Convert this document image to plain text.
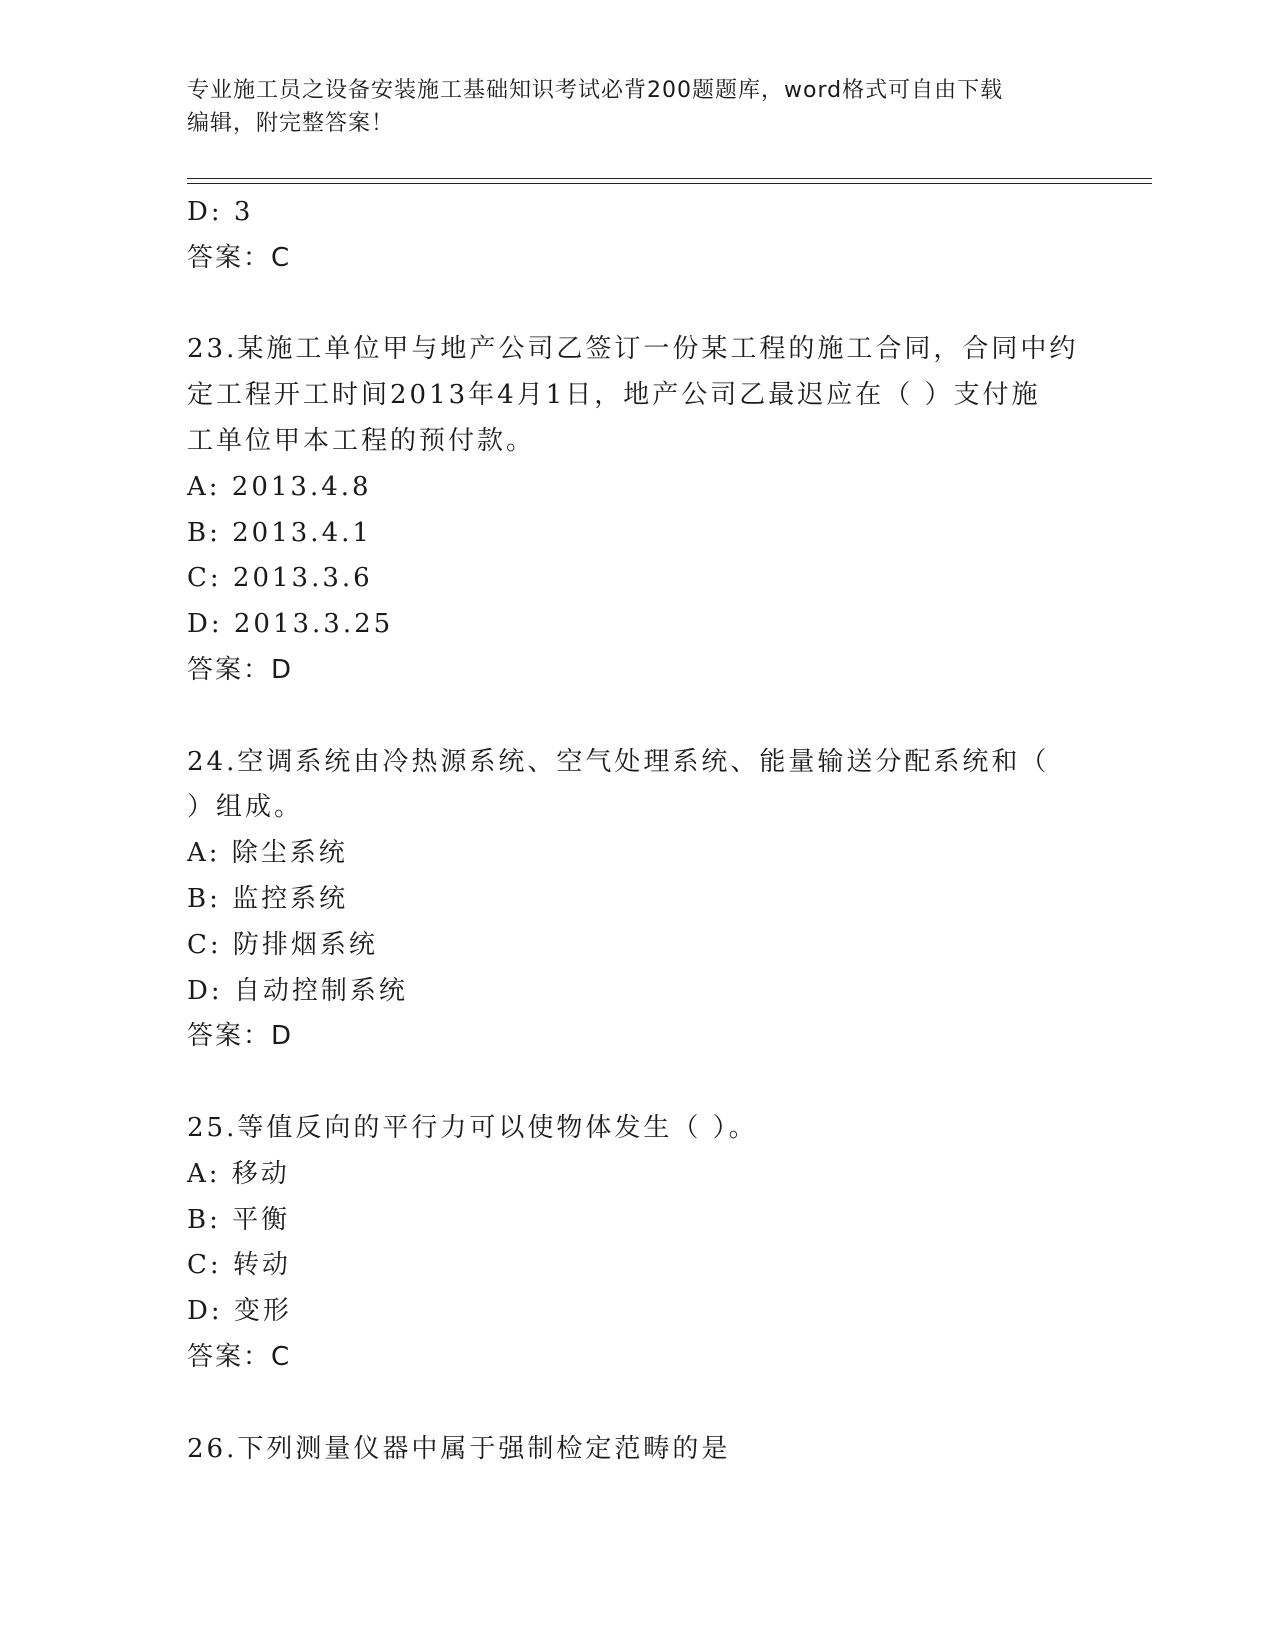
专业施工员之设备安装施工基础知识考试必背200题题库，word格式可自由下载
编辑，附完整答案！
D: 3
答案：C
23.某施工单位甲与地产公司乙签订一份某工程的施工合同，合同中约
定工程开工时间2013年4月1日，地产公司乙最迟应在（ ）支付施
工单位甲本工程的预付款。
A: 2013.4.8
B: 2013.4.1
C: 2013.3.6
D: 2013.3.25
答案：D
24.空调系统由冷热源系统、空气处理系统、能量输送分配系统和（
）组成。
A: 除尘系统
B: 监控系统
C: 防排烟系统
D: 自动控制系统
答案：D
25.等值反向的平行力可以使物体发生（ ）。
A: 移动
B: 平衡
C: 转动
D: 变形
答案：C
26.下列测量仪器中属于强制检定范畴的是
